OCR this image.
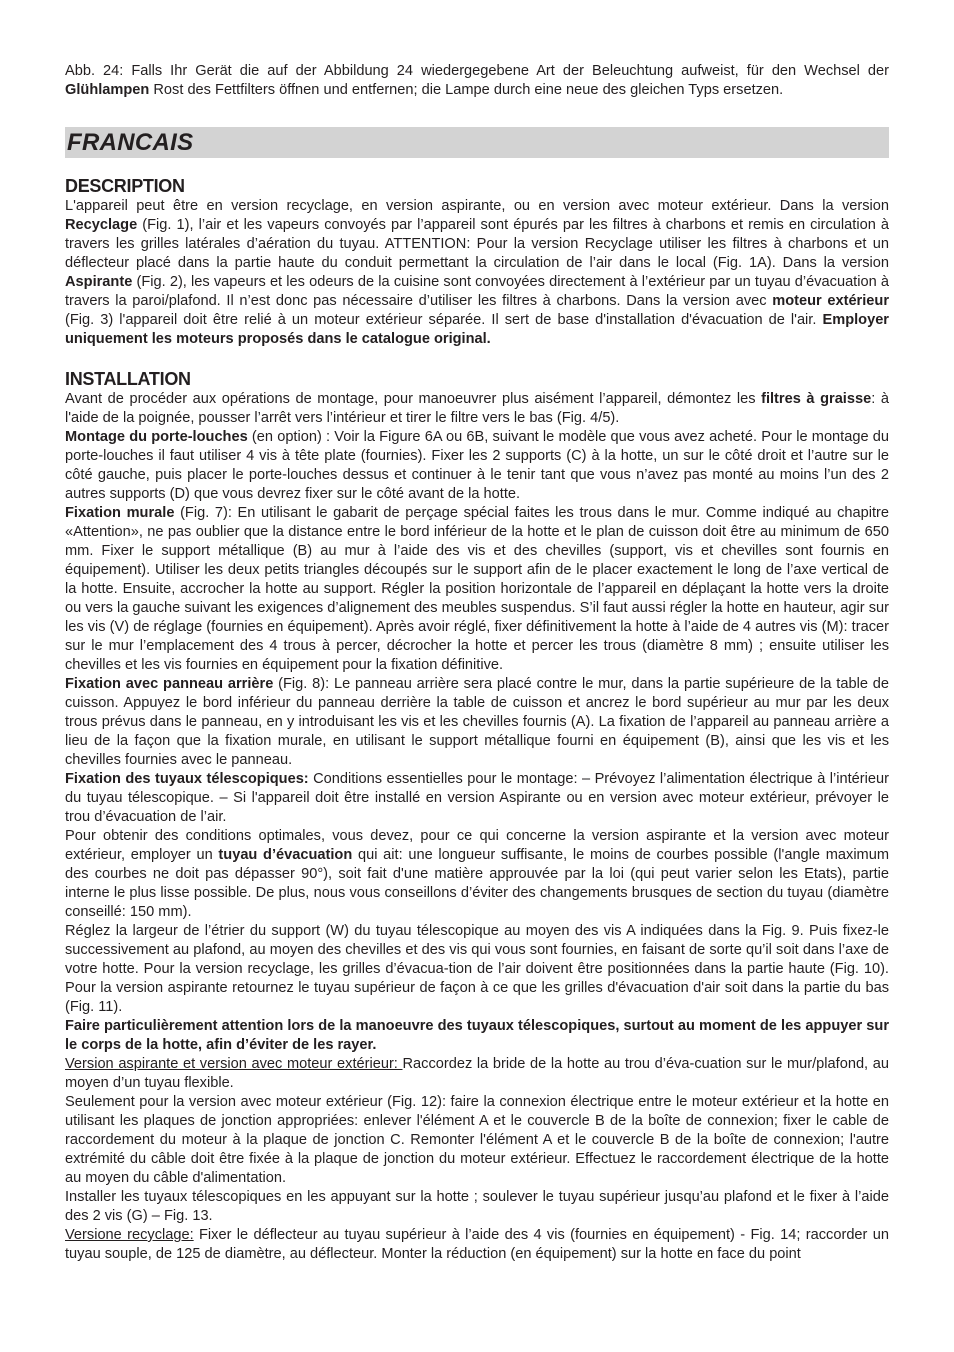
Abb. 24: Falls Ihr Gerät die auf der Abbildung 24 wiedergegebene Art der Beleuchtung aufweist, für den Wechsel der Glühlampen Rost des Fettfilters öffnen und entfernen; die Lampe durch eine neue des gleichen Typs ersetzen.

FRANCAIS
DESCRIPTION

L'appareil peut être en version recyclage, en version aspirante, ou en version avec moteur extérieur. Dans la version Recyclage (Fig. 1), l’air et les vapeurs convoyés par l’appareil sont épurés par les filtres à charbons et remis en circulation à travers les grilles latérales d’aération du tuyau. ATTENTION: Pour la version Recyclage utiliser les filtres à charbons et un déflecteur placé dans la partie haute du conduit permettant la circulation de l’air dans le local (Fig. 1A). Dans la version Aspirante (Fig. 2), les vapeurs et les odeurs de la cuisine sont convoyées directement à l’extérieur par un tuyau d’évacuation à travers la paroi/plafond. Il n’est donc pas nécessaire d’utiliser les filtres à charbons. Dans la version avec moteur extérieur (Fig. 3) l'appareil doit être relié à un moteur extérieur séparée. Il sert de base d'installation d'évacuation de l'air. Employer uniquement les moteurs proposés dans le catalogue original.

INSTALLATION

Avant de procéder aux opérations de montage, pour manoeuvrer plus aisément l’appareil, démontez les filtres à graisse: à l'aide de la poignée, pousser l’arrêt vers l’intérieur et tirer le filtre vers le bas (Fig. 4/5).

Montage du porte-louches (en option) : Voir la Figure 6A ou 6B, suivant le modèle que vous avez acheté. Pour le montage du porte-louches il faut utiliser 4 vis à tête plate (fournies). Fixer les 2 supports (C) à la hotte, un sur le côté droit et l’autre sur le côté gauche, puis placer le porte-louches dessus et continuer à le tenir tant que vous n’avez pas monté au moins l’un des 2 autres supports (D) que vous devrez fixer sur le côté avant de la hotte.

Fixation murale (Fig. 7): En utilisant le gabarit de perçage spécial faites les trous dans le mur. Comme indiqué au chapitre «Attention», ne pas oublier que la distance entre le bord inférieur de la hotte et le plan de cuisson doit être au minimum de 650 mm. Fixer le support métallique (B) au mur à l’aide des vis et des chevilles (support, vis et chevilles sont fournis en équipement). Utiliser les deux petits triangles découpés sur le support afin de le placer exactement le long de l’axe vertical de la hotte. Ensuite, accrocher la hotte au support. Régler la position horizontale de l’appareil en déplaçant la hotte vers la droite ou vers la gauche suivant les exigences d’alignement des meubles suspendus. S’il faut aussi régler la hotte en hauteur, agir sur les vis (V) de réglage (fournies en équipement). Après avoir réglé, fixer définitivement la hotte à l’aide de 4 autres vis (M): tracer sur le mur l’emplacement des 4 trous à percer, décrocher la hotte et percer les trous (diamètre 8 mm) ; ensuite utiliser les chevilles et les vis fournies en équipement pour la fixation définitive.

Fixation avec panneau arrière (Fig. 8): Le panneau arrière sera placé contre le mur, dans la partie supérieure de la table de cuisson. Appuyez le bord inférieur du panneau derrière la table de cuisson et ancrez le bord supérieur au mur par les deux trous prévus dans le panneau, en y introduisant les vis et les chevilles fournis (A). La fixation de l’appareil au panneau arrière a lieu de la façon que la fixation murale, en utilisant le support métallique fourni en équipement (B), ainsi que les vis et les chevilles fournies avec le panneau.

Fixation des tuyaux télescopiques: Conditions essentielles pour le montage: – Prévoyez l’alimentation électrique à l’intérieur du tuyau télescopique. – Si l'appareil doit être installé en version Aspirante ou en version avec moteur extérieur, prévoyer le trou d’évacuation de l’air.

Pour obtenir des conditions optimales, vous devez, pour ce qui concerne la version aspirante et la version avec moteur extérieur, employer un tuyau d’évacuation qui ait: une longueur suffisante, le moins de courbes possible (l'angle maximum des courbes ne doit pas dépasser 90°), soit fait d'une matière approuvée par la loi (qui peut varier selon les Etats), partie interne le plus lisse possible. De plus, nous vous conseillons d’éviter des changements brusques de section du tuyau (diamètre conseillé: 150 mm).

Réglez la largeur de l’étrier du support (W) du tuyau télescopique au moyen des vis A indiquées dans la Fig. 9. Puis fixez-le successivement au plafond, au moyen des chevilles et des vis qui vous sont fournies, en faisant de sorte qu’il soit dans l’axe de votre hotte. Pour la version recyclage, les grilles d’évacua-tion de l’air doivent être positionnées dans la partie haute (Fig. 10). Pour la version aspirante retournez le tuyau supérieur de façon à ce que les grilles d'évacuation d'air soit dans la partie du bas (Fig. 11).

Faire particulièrement attention lors de la manoeuvre des tuyaux télescopiques, surtout au moment de les appuyer sur le corps de la hotte, afin d’éviter de les rayer.

Version aspirante et version avec moteur extérieur: Raccordez la bride de la hotte au trou d’éva-cuation sur le mur/plafond, au moyen d’un tuyau flexible.

Seulement pour la version avec moteur extérieur (Fig. 12): faire la connexion électrique entre le moteur extérieur et la hotte en utilisant les plaques de jonction appropriées: enlever l'élément A et le couvercle B de la boîte de connexion; fixer le cable de raccordement du moteur à la plaque de jonction C. Remonter l'élément A et le couvercle B de la boîte de connexion; l'autre extrémité du câble doit être fixée à la plaque de jonction du moteur extérieur. Effectuez le raccordement électrique de la hotte au moyen du câble d'alimentation.

Installer les tuyaux télescopiques en les appuyant sur la hotte ; soulever le tuyau supérieur jusqu’au plafond et le fixer à l’aide des 2 vis (G) – Fig. 13.

Versione recyclage: Fixer le déflecteur au tuyau supérieur à l’aide des 4 vis (fournies en équipement) - Fig. 14; raccorder un tuyau souple, de 125 de diamètre, au déflecteur. Monter la réduction (en équipement) sur la hotte en face du point
